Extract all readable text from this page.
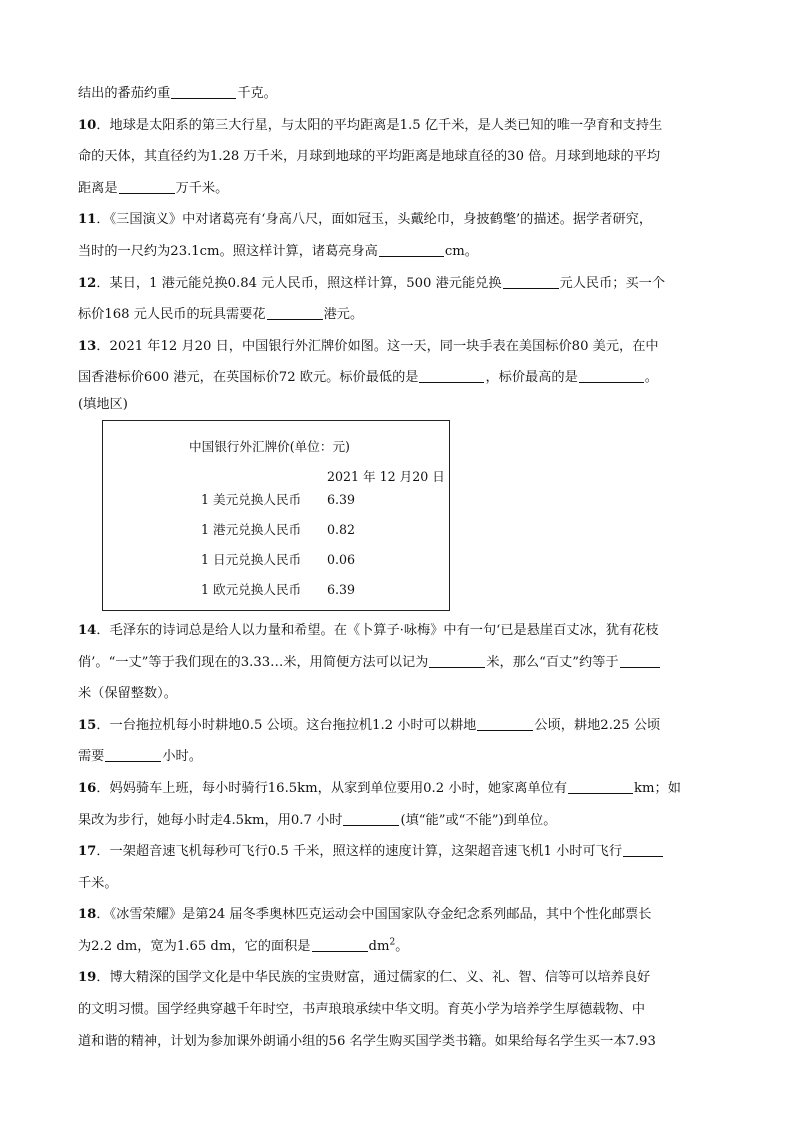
结出的番茄约重	千克。
10．地球是太阳系的第三大行星，与太阳的平均距离是1.5 亿千米，是人类已知的唯一孕育和支持生
命的天体，其直径约为1.28 万千米，月球到地球的平均距离是地球直径的30 倍。月球到地球的平均
距离是	万千米。
11．《三国演义》中对诸葛亮有‘身高八尺，面如冠玉，头戴纶巾，身披鹤氅’的描述。据学者研究，
当时的一尺约为23.1cm。照这样计算，诸葛亮身高	cm。
12．某日，1 港元能兑换0.84 元人民币，照这样计算，500 港元能兑换	元人民币；买一个
标价168 元人民币的玩具需要花	港元。
13．2021 年12 月20 日，中国银行外汇牌价如图。这一天，同一块手表在美国标价80 美元，在中
国香港标价600 港元，在英国标价72 欧元。标价最低的是	，标价最高的是	。
(填地区)
中国银行外汇牌价(单位：元)
2021 年 12 月20 日
1 美元兑换人民币 6.39
1 港元兑换人民币 0.82
1 日元兑换人民币 0.06
1 欧元兑换人民币 6.39
14．毛泽东的诗词总是给人以力量和希望。在《卜算子·咏梅》中有一句‘已是悬崖百丈冰，犹有花枝
俏’。“一丈”等于我们现在的3.33…米，用简便方法可以记为	米，那么“百丈”约等于
米（保留整数）。
15．一台拖拉机每小时耕地0.5 公顷。这台拖拉机1.2 小时可以耕地	公顷，耕地2.25 公顷
需要	小时。
16．妈妈骑车上班，每小时骑行16.5km，从家到单位要用0.2 小时，她家离单位有	km；如
果改为步行，她每小时走4.5km，用0.7 小时	(填“能”或“不能”)到单位。
17．一架超音速飞机每秒可飞行0.5 千米，照这样的速度计算，这架超音速飞机1 小时可飞行
千米。
18．《冰雪荣耀》是第24 届冬季奥林匹克运动会中国国家队夺金纪念系列邮品，其中个性化邮票长
为2.2 dm，宽为1.65 dm，它的面积是	$dm^2$。
19．博大精深的国学文化是中华民族的宝贵财富，通过儒家的仁、义、礼、智、信等可以培养良好
的文明习惯。国学经典穿越千年时空，书声琅琅承续中华文明。育英小学为培养学生厚德载物、中
道和谐的精神，计划为参加课外朗诵小组的56 名学生购买国学类书籍。如果给每名学生买一本7.93
